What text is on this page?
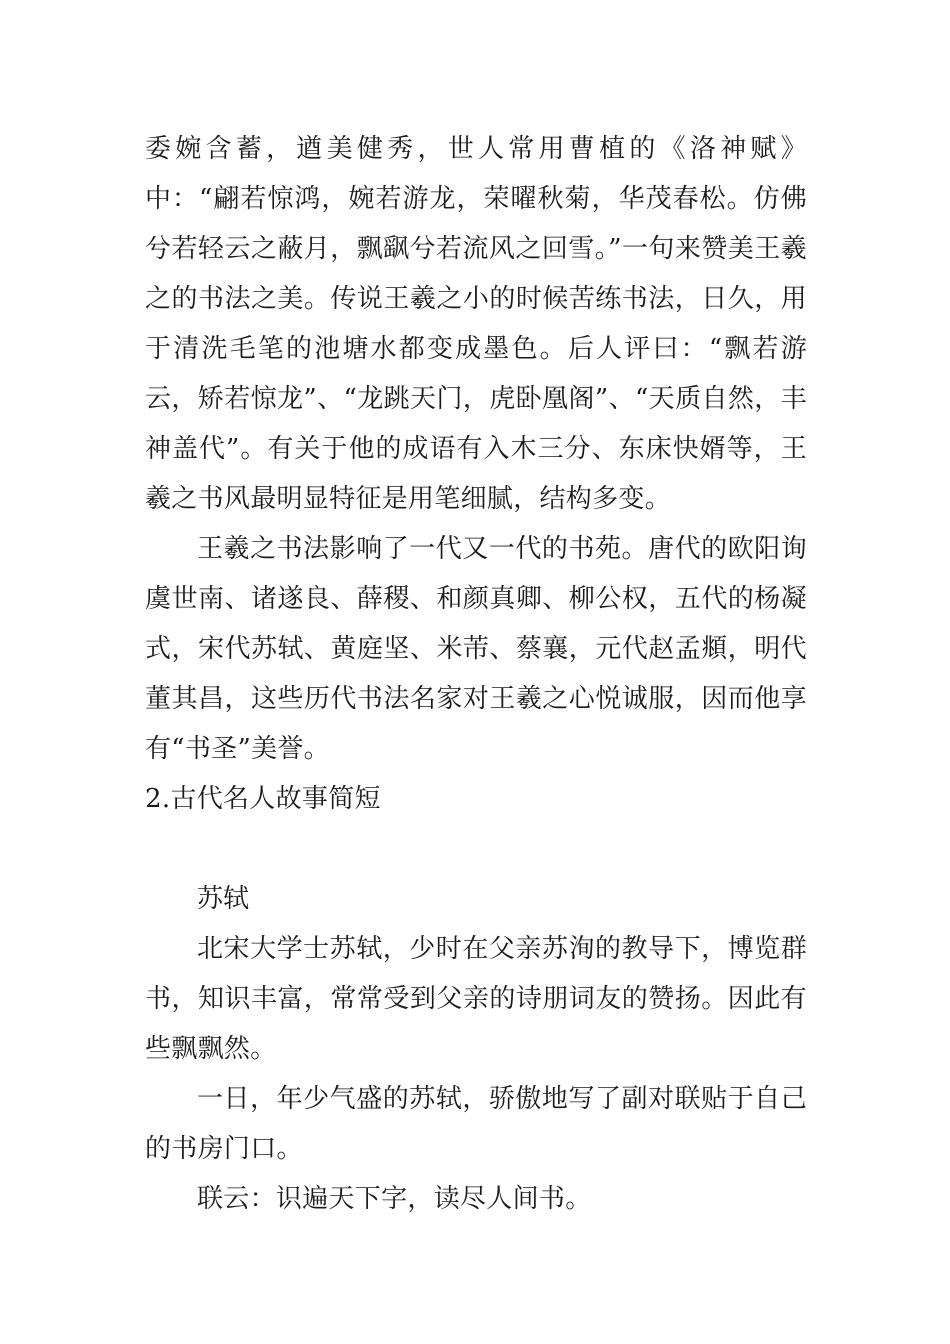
委婉含蓄，遒美健秀，世人常用曹植的《洛神赋》中：“翩若惊鸿，婉若游龙，荣曜秋菊，华茂春松。仿佛兮若轻云之蔽月，飘飖兮若流风之回雪。”一句来赞美王羲之的书法之美。传说王羲之小的时候苦练书法，日久，用于清洗毛笔的池塘水都变成墨色。后人评曰：“飘若游云，矫若惊龙”、“龙跳天门，虎卧凰阁”、“天质自然，丰神盖代”。有关于他的成语有入木三分、东床快婿等，王羲之书风最明显特征是用笔细腻，结构多变。

王羲之书法影响了一代又一代的书苑。唐代的欧阳询虞世南、诸遂良、薛稷、和颜真卿、柳公权，五代的杨凝式，宋代苏轼、黄庭坚、米芾、蔡襄，元代赵孟頫，明代董其昌，这些历代书法名家对王羲之心悦诚服，因而他享有“书圣”美誉。

2.古代名人故事简短

苏轼

北宋大学士苏轼，少时在父亲苏洵的教导下，博览群书，知识丰富，常常受到父亲的诗朋词友的赞扬。因此有些飘飘然。

一日，年少气盛的苏轼，骄傲地写了副对联贴于自己的书房门口。

联云：识遍天下字，读尽人间书。
